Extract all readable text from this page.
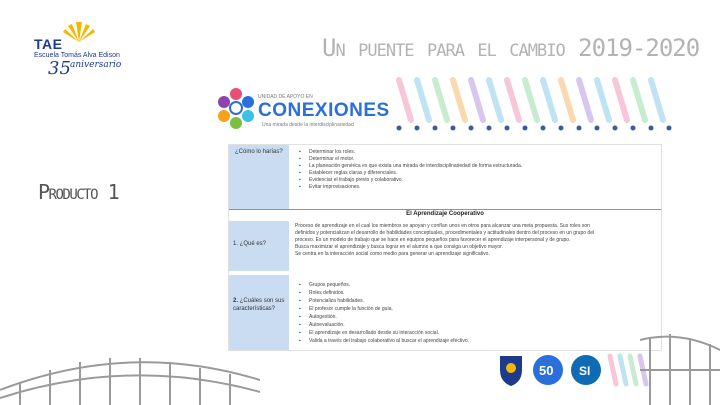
TAE
Escuela Tomás Alva Edison
35 aniversario
Un puente para el cambio 2019-2020
UNIDAD DE APOYO EN
CONEXIONES
Una mirada desde la interdisciplinariedad
Producto 1
¿Cómo lo harías?
▪	Determinar los roles.
▪ Determinar el motor.
▪ La planeación genérica es que exista una mirada de interdisciplinariedad de forma estructurada.
▪ Establecer reglas claras y diferenciales.
▪ Evidenciar el trabajo previo y colaborativo.
▪ Evitar improvisaciones.
El Aprendizaje Cooperativo
1. ¿Qué es?
Proceso de aprendizaje en el cual los miembros se apoyan y confían unos en otros para alcanzar una meta propuesta. Sus roles son
definidos y potencializan el desarrollo de habilidades conceptuales, procedimentales y actitudinales dentro del proceso en un grupo del
proceso. Es un modelo de trabajo que se hace en equipos pequeños para favorecer el aprendizaje interpersonal y de grupo.
Busca maximizar el aprendizaje y busca lograr en el alumno a que consiga un objetivo mayor.
Se centra en la interacción social como medio para generar un aprendizaje significativo.
2. ¿Cuáles son sus características?
▪ Grupos pequeños.
▪ Roles definidos.
▪ Potencializa habilidades.
▪ El profesor cumple la función de guía.
▪ Autogestión.
▪ Autoevaluación.
▪ El aprendizaje es desarrollado desde su interacción social.
▪ Valida a través del trabajo colaborativo al buscar el aprendizaje efectivo.
50 SI
